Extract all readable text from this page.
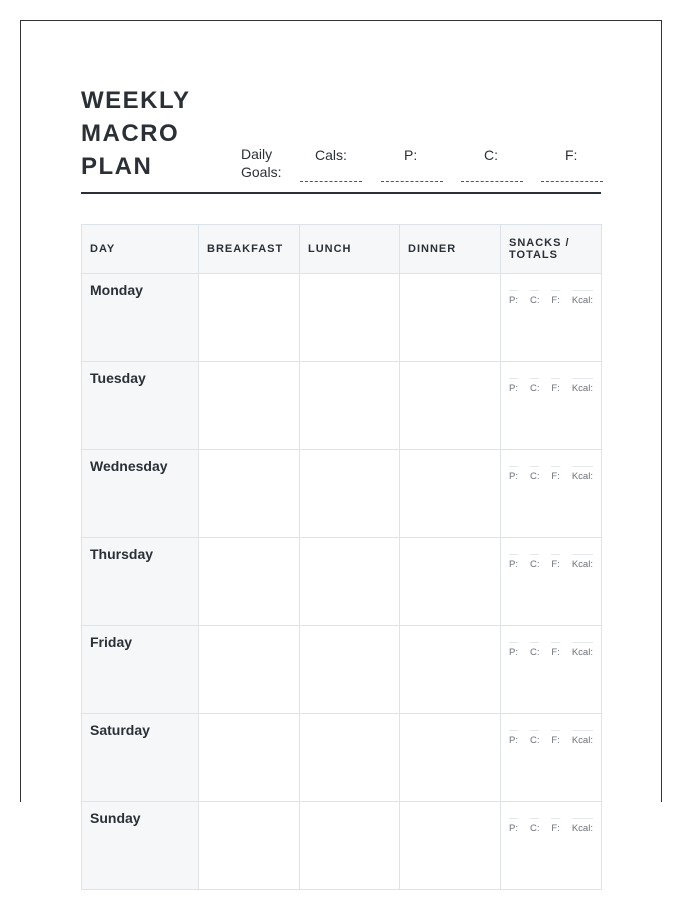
WEEKLY
MACRO
PLAN	Daily
Goals:
Cals:	P:	C:	F:
DAY	BREAKFAST	LUNCH	DINNER	SNACKS / TOTALS
Monday				P: C: F: Kcal:

Tuesday				P: C: F: Kcal:

Wednesday				P: C: F: Kcal:

Thursday				P: C: F: Kcal:

Friday				P: C: F: Kcal:

Saturday				P: C: F: Kcal:

Sunday				P: C: F: Kcal:
